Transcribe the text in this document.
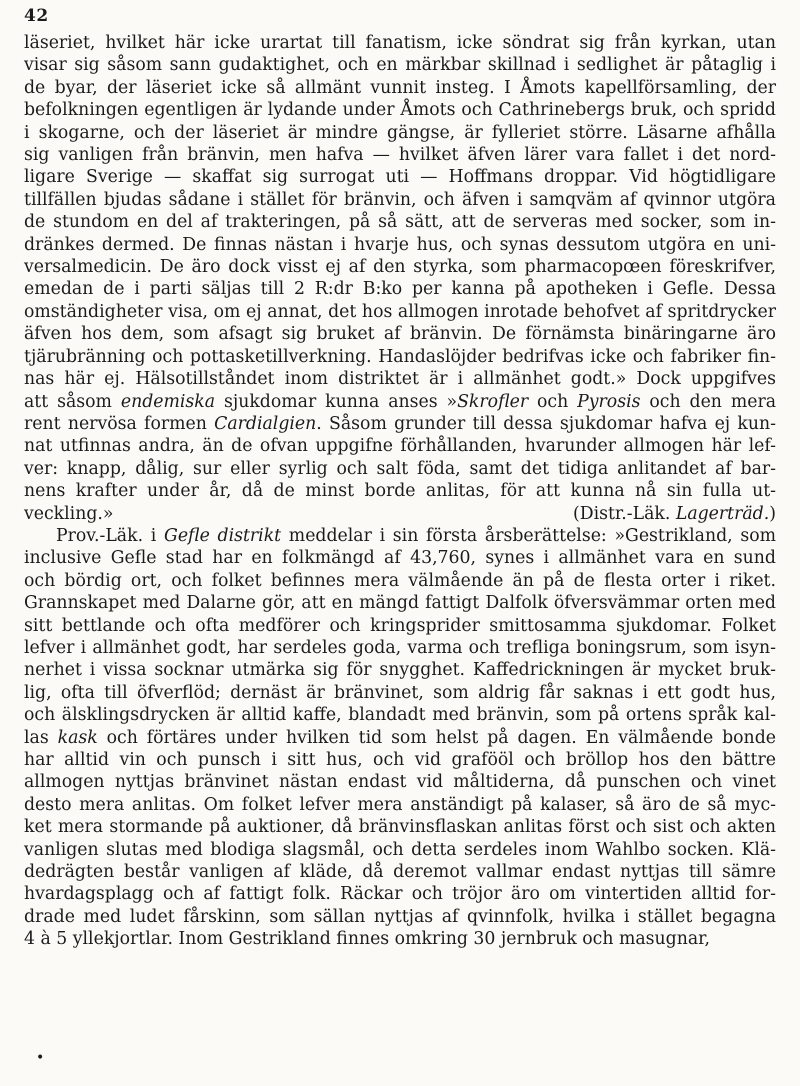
42
läseriet, hvilket här icke urartat till fanatism, icke söndrat sig från kyrkan, utan
visar sig såsom sann gudaktighet, och en märkbar skillnad i sedlighet är påtaglig i
de byar, der läseriet icke så allmänt vunnit insteg. I Åmots kapellförsamling, der
befolkningen egentligen är lydande under Åmots och Cathrinebergs bruk, och spridd
i skogarne, och der läseriet är mindre gängse, är fylleriet större. Läsarne afhålla
sig vanligen från bränvin, men hafva — hvilket äfven lärer vara fallet i det nord-
ligare Sverige — skaffat sig surrogat uti — Hoffmans droppar. Vid högtidligare
tillfällen bjudas sådane i stället för bränvin, och äfven i samqväm af qvinnor utgöra
de stundom en del af trakteringen, på så sätt, att de serveras med socker, som in-
dränkes dermed. De finnas nästan i hvarje hus, och synas dessutom utgöra en uni-
versalmedicin. De äro dock visst ej af den styrka, som pharmacopœen föreskrifver,
emedan de i parti säljas till 2 R:dr B:ko per kanna på apotheken i Gefle. Dessa
omständigheter visa, om ej annat, det hos allmogen inrotade behofvet af spritdrycker
äfven hos dem, som afsagt sig bruket af bränvin. De förnämsta binäringarne äro
tjärubränning och pottasketillverkning. Handaslöjder bedrifvas icke och fabriker fin-
nas här ej. Hälsotillståndet inom distriktet är i allmänhet godt.» Dock uppgifves
att såsom endemiska sjukdomar kunna anses »Skrofler och Pyrosis och den mera
rent nervösa formen Cardialgien. Såsom grunder till dessa sjukdomar hafva ej kun-
nat utfinnas andra, än de ofvan uppgifne förhållanden, hvarunder allmogen här lef-
ver: knapp, dålig, sur eller syrlig och salt föda, samt det tidiga anlitandet af bar-
nens krafter under år, då de minst borde anlitas, för att kunna nå sin fulla ut-
veckling.»	(Distr.-Läk. Lagerträd.)
Prov.-Läk. i Gefle distrikt meddelar i sin första årsberättelse: »Gestrikland, som
inclusive Gefle stad har en folkmängd af 43,760, synes i allmänhet vara en sund
och bördig ort, och folket befinnes mera välmående än på de flesta orter i riket.
Grannskapet med Dalarne gör, att en mängd fattigt Dalfolk öfversvämmar orten med
sitt bettlande och ofta medförer och kringsprider smittosamma sjukdomar. Folket
lefver i allmänhet godt, har serdeles goda, varma och trefliga boningsrum, som isyn-
nerhet i vissa socknar utmärka sig för snygghet. Kaffedrickningen är mycket bruk-
lig, ofta till öfverflöd; dernäst är bränvinet, som aldrig får saknas i ett godt hus,
och älsklingsdrycken är alltid kaffe, blandadt med bränvin, som på ortens språk kal-
las kask och förtäres under hvilken tid som helst på dagen. En välmående bonde
har alltid vin och punsch i sitt hus, och vid grafööl och bröllop hos den bättre
allmogen nyttjas bränvinet nästan endast vid måltiderna, då punschen och vinet
desto mera anlitas. Om folket lefver mera anständigt på kalaser, så äro de så myc-
ket mera stormande på auktioner, då bränvinsflaskan anlitas först och sist och akten
vanligen slutas med blodiga slagsmål, och detta serdeles inom Wahlbo socken. Klä-
dedrägten består vanligen af kläde, då deremot vallmar endast nyttjas till sämre
hvardagsplagg och af fattigt folk. Räckar och tröjor äro om vintertiden alltid for-
drade med ludet fårskinn, som sällan nyttjas af qvinnfolk, hvilka i stället begagna
4 à 5 yllekjortlar. Inom Gestrikland finnes omkring 30 jernbruk och masugnar,
•
